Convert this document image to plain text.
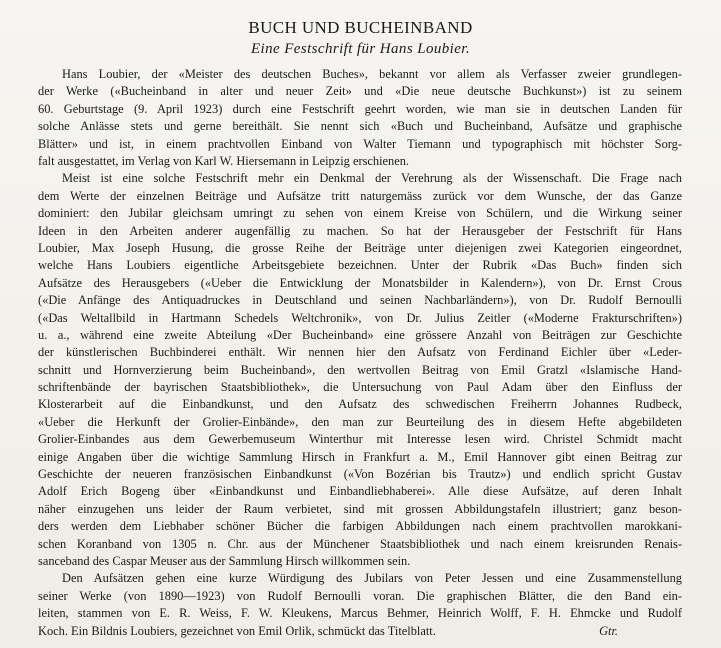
BUCH UND BUCHEINBAND
Eine Festschrift für Hans Loubier.
Hans Loubier, der «Meister des deutschen Buches», bekannt vor allem als Verfasser zweier grundlegen-
der Werke («Bucheinband in alter und neuer Zeit» und «Die neue deutsche Buchkunst») ist zu seinem
60. Geburtstage (9. April 1923) durch eine Festschrift geehrt worden, wie man sie in deutschen Landen für
solche Anlässe stets und gerne bereithält. Sie nennt sich «Buch und Bucheinband, Aufsätze und graphische
Blätter» und ist, in einem prachtvollen Einband von Walter Tiemann und typographisch mit höchster Sorg-
falt ausgestattet, im Verlag von Karl W. Hiersemann in Leipzig erschienen.
Meist ist eine solche Festschrift mehr ein Denkmal der Verehrung als der Wissenschaft. Die Frage nach
dem Werte der einzelnen Beiträge und Aufsätze tritt naturgemäss zurück vor dem Wunsche, der das Ganze
dominiert: den Jubilar gleichsam umringt zu sehen von einem Kreise von Schülern, und die Wirkung seiner
Ideen in den Arbeiten anderer augenfällig zu machen. So hat der Herausgeber der Festschrift für Hans
Loubier, Max Joseph Husung, die grosse Reihe der Beiträge unter diejenigen zwei Kategorien eingeordnet,
welche Hans Loubiers eigentliche Arbeitsgebiete bezeichnen. Unter der Rubrik «Das Buch» finden sich
Aufsätze des Herausgebers («Ueber die Entwicklung der Monatsbilder in Kalendern»), von Dr. Ernst Crous
(«Die Anfänge des Antiquadruckes in Deutschland und seinen Nachbarländern»), von Dr. Rudolf Bernoulli
(«Das Weltallbild in Hartmann Schedels Weltchronik», von Dr. Julius Zeitler («Moderne Frakturschriften»)
u. a., während eine zweite Abteilung «Der Bucheinband» eine grössere Anzahl von Beiträgen zur Geschichte
der künstlerischen Buchbinderei enthält. Wir nennen hier den Aufsatz von Ferdinand Eichler über «Leder-
schnitt und Hornverzierung beim Bucheinband», den wertvollen Beitrag von Emil Gratzl «Islamische Hand-
schriftenbände der bayrischen Staatsbibliothek», die Untersuchung von Paul Adam über den Einfluss der
Klosterarbeit auf die Einbandkunst, und den Aufsatz des schwedischen Freiherrn Johannes Rudbeck,
«Ueber die Herkunft der Grolier-Einbände», den man zur Beurteilung des in diesem Hefte abgebildeten
Grolier-Einbandes aus dem Gewerbemuseum Winterthur mit Interesse lesen wird. Christel Schmidt macht
einige Angaben über die wichtige Sammlung Hirsch in Frankfurt a. M., Emil Hannover gibt einen Beitrag zur
Geschichte der neueren französischen Einbandkunst («Von Bozérian bis Trautz») und endlich spricht Gustav
Adolf Erich Bogeng über «Einbandkunst und Einbandliebhaberei». Alle diese Aufsätze, auf deren Inhalt
näher einzugehen uns leider der Raum verbietet, sind mit grossen Abbildungstafeln illustriert; ganz beson-
ders werden dem Liebhaber schöner Bücher die farbigen Abbildungen nach einem prachtvollen marokkani-
schen Koranband von 1305 n. Chr. aus der Münchener Staatsbibliothek und nach einem kreisrunden Renais-
sanceband des Caspar Meuser aus der Sammlung Hirsch willkommen sein.
Den Aufsätzen gehen eine kurze Würdigung des Jubilars von Peter Jessen und eine Zusammenstellung
seiner Werke (von 1890—1923) von Rudolf Bernoulli voran. Die graphischen Blätter, die den Band ein-
leiten, stammen von E. R. Weiss, F. W. Kleukens, Marcus Behmer, Heinrich Wolff, F. H. Ehmcke und Rudolf
Koch. Ein Bildnis Loubiers, gezeichnet von Emil Orlik, schmückt das Titelblatt.	Gtr.
